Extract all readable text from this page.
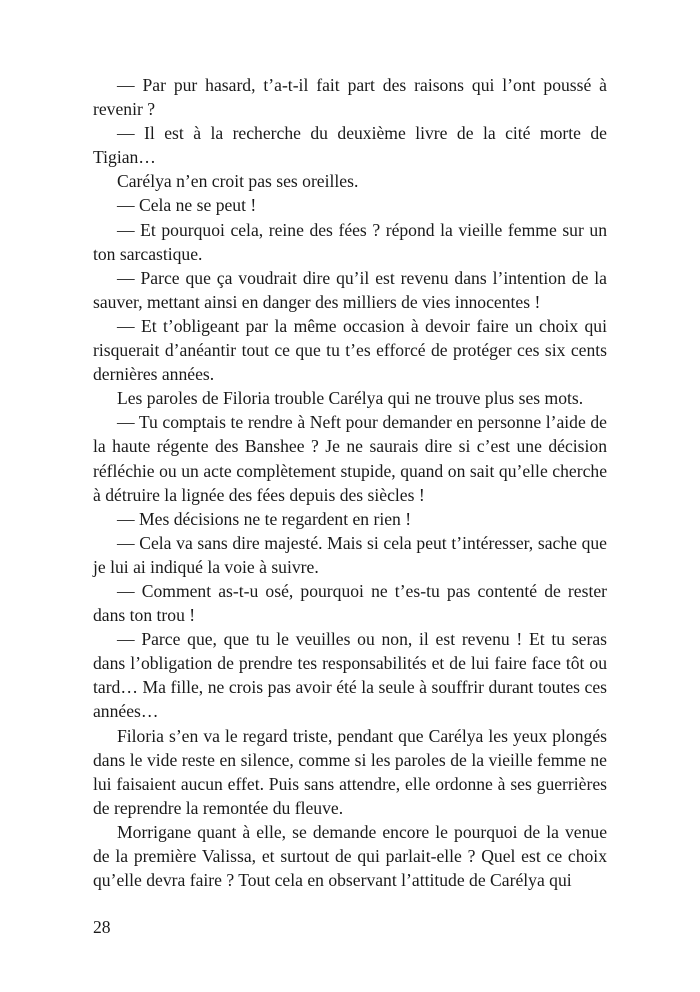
— Par pur hasard, t’a-t-il fait part des raisons qui l’ont poussé à revenir ?

— Il est à la recherche du deuxième livre de la cité morte de Tigian…

Carélya n’en croit pas ses oreilles.

— Cela ne se peut !

— Et pourquoi cela, reine des fées ? répond la vieille femme sur un ton sarcastique.

— Parce que ça voudrait dire qu’il est revenu dans l’intention de la sauver, mettant ainsi en danger des milliers de vies innocentes !

— Et t’obligeant par la même occasion à devoir faire un choix qui risquerait d’anéantir tout ce que tu t’es efforcé de protéger ces six cents dernières années.

Les paroles de Filoria trouble Carélya qui ne trouve plus ses mots.

— Tu comptais te rendre à Neft pour demander en personne l’aide de la haute régente des Banshee ? Je ne saurais dire si c’est une décision réfléchie ou un acte complètement stupide, quand on sait qu’elle cherche à détruire la lignée des fées depuis des siècles !

— Mes décisions ne te regardent en rien !

— Cela va sans dire majesté. Mais si cela peut t’intéresser, sache que je lui ai indiqué la voie à suivre.

— Comment as-t-u osé, pourquoi ne t’es-tu pas contenté de rester dans ton trou !

— Parce que, que tu le veuilles ou non, il est revenu ! Et tu seras dans l’obligation de prendre tes responsabilités et de lui faire face tôt ou tard… Ma fille, ne crois pas avoir été la seule à souffrir durant toutes ces années…

Filoria s’en va le regard triste, pendant que Carélya les yeux plongés dans le vide reste en silence, comme si les paroles de la vieille femme ne lui faisaient aucun effet. Puis sans attendre, elle ordonne à ses guerrières de reprendre la remontée du fleuve.

Morrigane quant à elle, se demande encore le pourquoi de la venue de la première Valissa, et surtout de qui parlait-elle ? Quel est ce choix qu’elle devra faire ? Tout cela en observant l’attitude de Carélya qui

28
